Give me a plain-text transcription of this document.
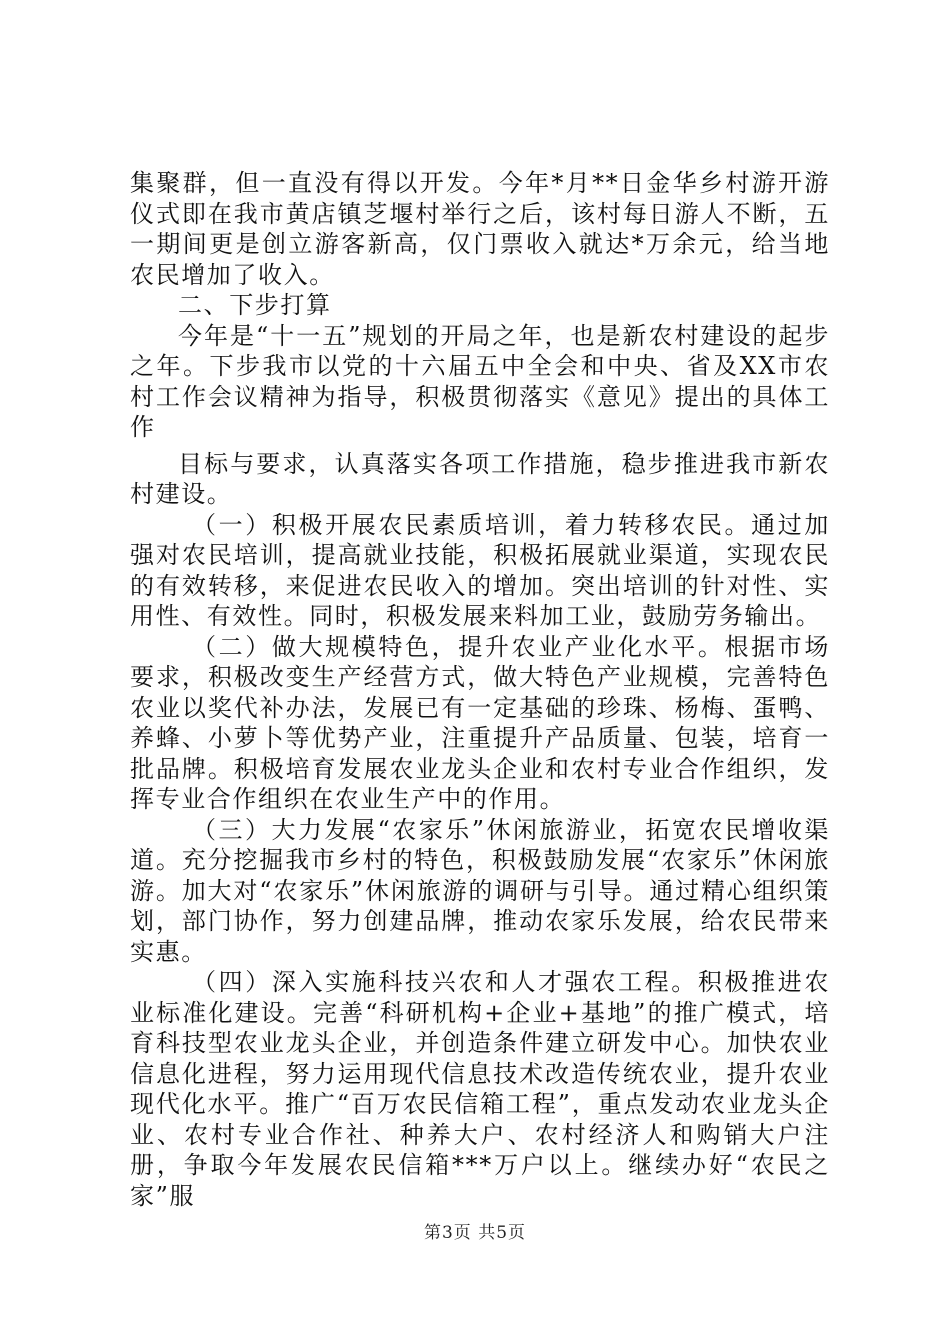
集聚群，但一直没有得以开发。今年*月**日金华乡村游开游仪式即在我市黄店镇芝堰村举行之后，该村每日游人不断，五一期间更是创立游客新高，仅门票收入就达*万余元，给当地农民增加了收入。

二、下步打算

今年是“十一五”规划的开局之年，也是新农村建设的起步之年。下步我市以党的十六届五中全会和中央、省及XX市农村工作会议精神为指导，积极贯彻落实《意见》提出的具体工作

目标与要求，认真落实各项工作措施，稳步推进我市新农村建设。

（一）积极开展农民素质培训，着力转移农民。通过加强对农民培训，提高就业技能，积极拓展就业渠道，实现农民的有效转移，来促进农民收入的增加。突出培训的针对性、实用性、有效性。同时，积极发展来料加工业，鼓励劳务输出。

（二）做大规模特色，提升农业产业化水平。根据市场要求，积极改变生产经营方式，做大特色产业规模，完善特色农业以奖代补办法，发展已有一定基础的珍珠、杨梅、蛋鸭、养蜂、小萝卜等优势产业，注重提升产品质量、包装，培育一批品牌。积极培育发展农业龙头企业和农村专业合作组织，发挥专业合作组织在农业生产中的作用。

（三）大力发展“农家乐”休闲旅游业，拓宽农民增收渠道。充分挖掘我市乡村的特色，积极鼓励发展“农家乐”休闲旅游。加大对“农家乐”休闲旅游的调研与引导。通过精心组织策划，部门协作，努力创建品牌，推动农家乐发展，给农民带来实惠。

（四）深入实施科技兴农和人才强农工程。积极推进农业标准化建设。完善“科研机构+企业+基地”的推广模式，培育科技型农业龙头企业，并创造条件建立研发中心。加快农业信息化进程，努力运用现代信息技术改造传统农业，提升农业现代化水平。推广“百万农民信箱工程”，重点发动农业龙头企业、农村专业合作社、种养大户、农村经济人和购销大户注册，争取今年发展农民信箱***万户以上。继续办好“农民之家”服

第3页 共5页
